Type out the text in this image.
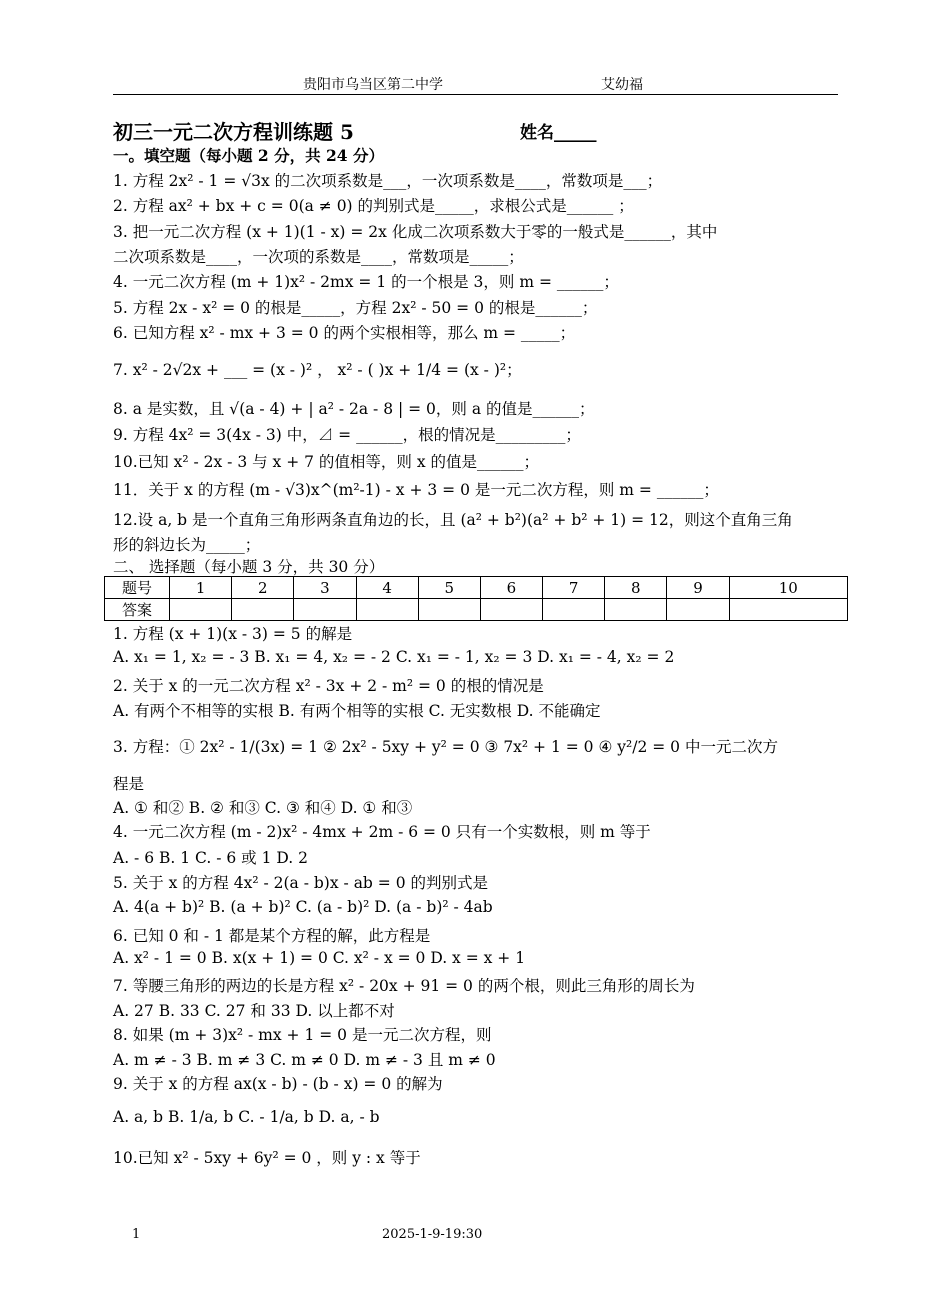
贵阳市乌当区第二中学	艾幼福
初三一元二次方程训练题 5	姓名_____
一。填空题（每小题 2 分，共 24 分）
1. 方程 2x² - 1 = √3x 的二次项系数是___，一次项系数是____，常数项是___；
2. 方程 ax² + bx + c = 0(a ≠ 0) 的判别式是_____，求根公式是______ ；
3. 把一元二次方程 (x + 1)(1 - x) = 2x 化成二次项系数大于零的一般式是______，其中
二次项系数是____，一次项的系数是____，常数项是_____；
4. 一元二次方程 (m + 1)x² - 2mx = 1 的一个根是 3，则 m = ______；
5. 方程 2x - x² = 0 的根是_____，方程 2x² - 50 = 0 的根是______；
6. 已知方程 x² - mx + 3 = 0 的两个实根相等，那么 m = _____；
7. x² - 2√2x + ___ = (x - )² ， x² - ( )x + 1/4 = (x - )²；
8. a 是实数，且 √(a - 4) + | a² - 2a - 8 | = 0，则 a 的值是______；
9. 方程 4x² = 3(4x - 3) 中，⊿ = ______，根的情况是_________；
10.已知 x² - 2x - 3 与 x + 7 的值相等，则 x 的值是______；
11．关于 x 的方程 (m - √3)x^(m²-1) - x + 3 = 0 是一元二次方程，则 m = ______；
12.设 a, b 是一个直角三角形两条直角边的长，且 (a² + b²)(a² + b² + 1) = 12，则这个直角三角
形的斜边长为_____；
二、 选择题（每小题 3 分，共 30 分）
题号	1	2	3	4	5	6	7	8	9	10
答案										
1. 方程 (x + 1)(x - 3) = 5 的解是
A. x₁ = 1, x₂ = - 3 B. x₁ = 4, x₂ = - 2 C. x₁ = - 1, x₂ = 3 D. x₁ = - 4, x₂ = 2
2. 关于 x 的一元二次方程 x² - 3x + 2 - m² = 0 的根的情况是
A. 有两个不相等的实根 B. 有两个相等的实根 C. 无实数根 D. 不能确定
3. 方程：① 2x² - 1/(3x) = 1 ② 2x² - 5xy + y² = 0 ③ 7x² + 1 = 0 ④ y²/2 = 0 中一元二次方
程是
A. ① 和② B. ② 和③ C. ③ 和④ D. ① 和③
4. 一元二次方程 (m - 2)x² - 4mx + 2m - 6 = 0 只有一个实数根，则 m 等于
A. - 6 B. 1 C. - 6 或 1 D. 2
5. 关于 x 的方程 4x² - 2(a - b)x - ab = 0 的判别式是
A. 4(a + b)² B. (a + b)² C. (a - b)² D. (a - b)² - 4ab
6. 已知 0 和 - 1 都是某个方程的解，此方程是
A. x² - 1 = 0 B. x(x + 1) = 0 C. x² - x = 0 D. x = x + 1
7. 等腰三角形的两边的长是方程 x² - 20x + 91 = 0 的两个根，则此三角形的周长为
A. 27 B. 33 C. 27 和 33 D. 以上都不对
8. 如果 (m + 3)x² - mx + 1 = 0 是一元二次方程，则
A. m ≠ - 3 B. m ≠ 3 C. m ≠ 0 D. m ≠ - 3 且 m ≠ 0
9. 关于 x 的方程 ax(x - b) - (b - x) = 0 的解为
A. a, b B. 1/a, b C. - 1/a, b D. a, - b
10.已知 x² - 5xy + 6y² = 0 ，则 y : x 等于
1	2025-1-9-19:30
